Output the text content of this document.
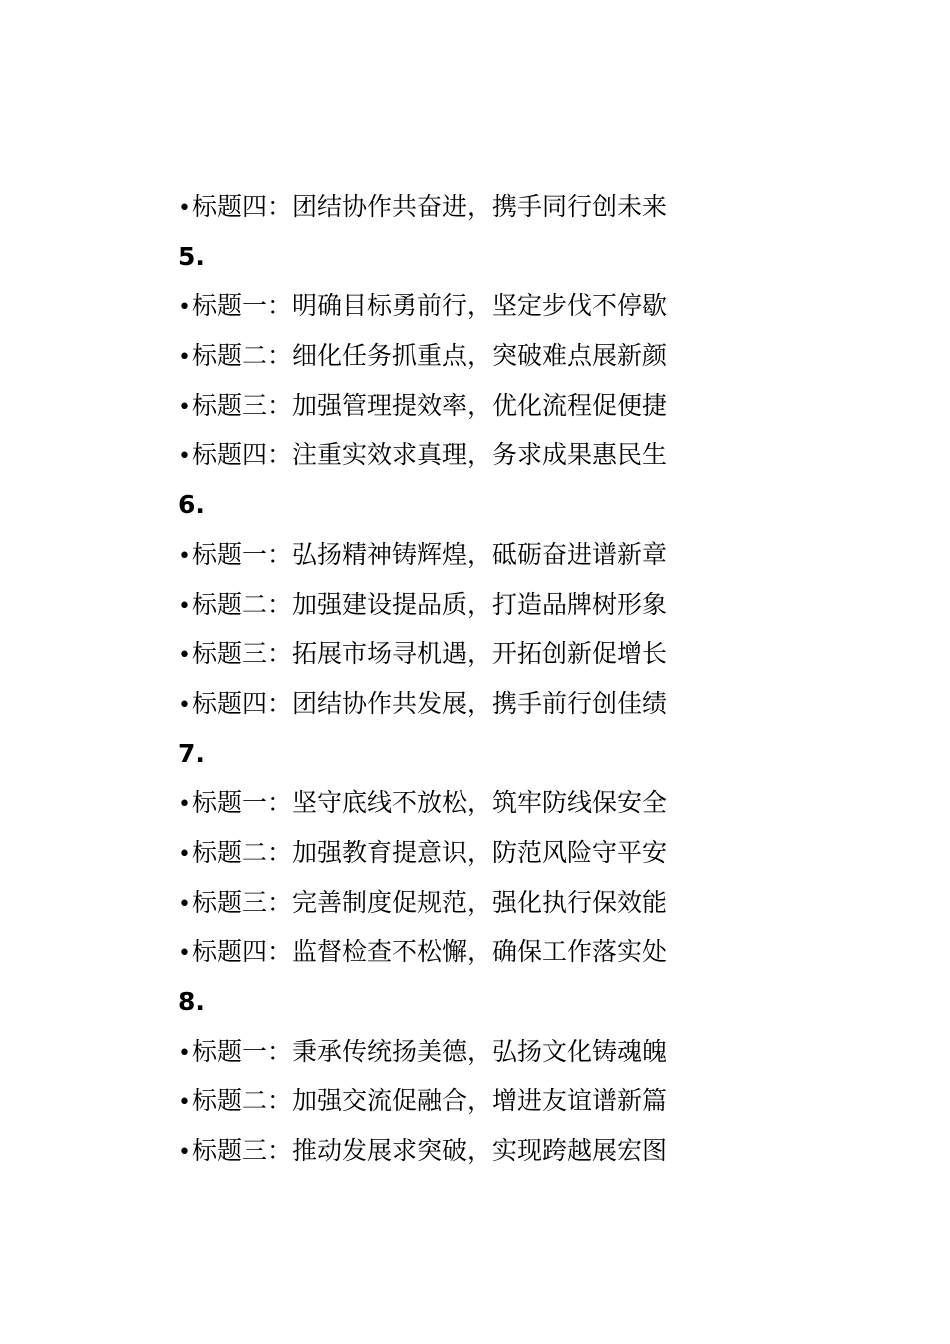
•标题四：团结协作共奋进，携手同行创未来
5.
•标题一：明确目标勇前行，坚定步伐不停歇
•标题二：细化任务抓重点，突破难点展新颜
•标题三：加强管理提效率，优化流程促便捷
•标题四：注重实效求真理，务求成果惠民生
6.
•标题一：弘扬精神铸辉煌，砥砺奋进谱新章
•标题二：加强建设提品质，打造品牌树形象
•标题三：拓展市场寻机遇，开拓创新促增长
•标题四：团结协作共发展，携手前行创佳绩
7.
•标题一：坚守底线不放松，筑牢防线保安全
•标题二：加强教育提意识，防范风险守平安
•标题三：完善制度促规范，强化执行保效能
•标题四：监督检查不松懈，确保工作落实处
8.
•标题一：秉承传统扬美德，弘扬文化铸魂魄
•标题二：加强交流促融合，增进友谊谱新篇
•标题三：推动发展求突破，实现跨越展宏图
